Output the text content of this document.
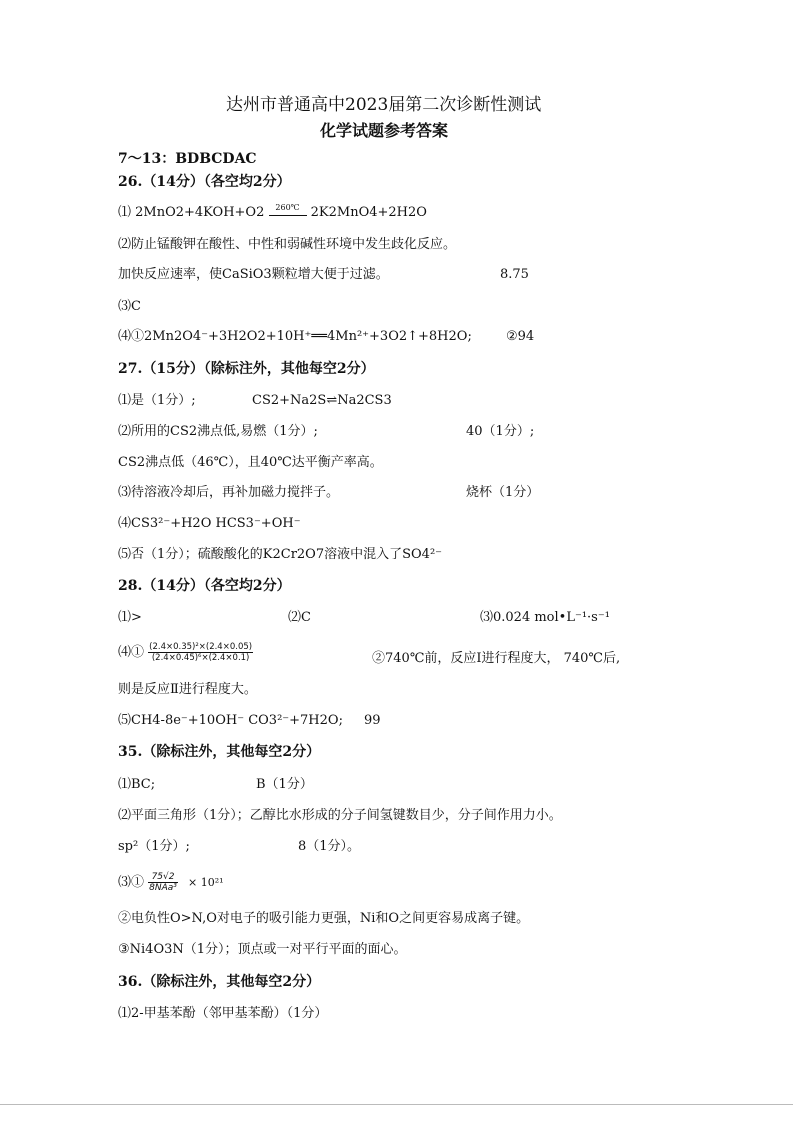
达州市普通高中2023届第二次诊断性测试
化学试题参考答案
7～13：BDBCDAC
26.（14分）（各空均2分）
⑴ 2MnO2+4KOH+O2	260℃ 2K2MnO4+2H2O
⑵防止锰酸钾在酸性、中性和弱碱性环境中发生歧化反应。
加快反应速率，使CaSiO3颗粒增大便于过滤。	8.75
⑶C
⑷①2Mn2O4⁻+3H2O2+10H⁺══4Mn²⁺+3O2↑+8H2O;	②94
27.（15分）（除标注外，其他每空2分）
⑴是（1分）;	CS2+Na2S⇌Na2CS3
⑵所用的CS2沸点低,易燃（1分）;	40（1分）;
CS2沸点低（46℃），且40℃达平衡产率高。
⑶待溶液冷却后，再补加磁力搅拌子。	烧杯（1分）
⑷CS3²⁻+H2O HCS3⁻+OH⁻
⑸否（1分）；硫酸酸化的K2Cr2O7溶液中混入了SO4²⁻
28.（14分）（各空均2分）
⑴>	⑵C	⑶0.024 mol•L⁻¹·s⁻¹
⑷① $\frac{\text{(2.4×0.35)²×(2.4×0.05)}}{\text{(2.4×0.45)⁶×(2.4×0.1)}}$	②740℃前，反应Ⅰ进行程度大， 740℃后,
则是反应Ⅱ进行程度大。
⑸CH4-8e⁻+10OH⁻ CO3²⁻+7H2O; 99
35.（除标注外，其他每空2分）
⑴BC;	B（1分）
⑵平面三角形（1分）；乙醇比水形成的分子间氢键数目少，分子间作用力小。
sp²（1分）;	8（1分）。
⑶① $\frac{75√2}{\text{8NAa³}} \times 10^{21}$
②电负性O>N,O对电子的吸引能力更强，Ni和O之间更容易成离子键。
③Ni4O3N（1分）；顶点或一对平行平面的面心。
36.（除标注外，其他每空2分）
⑴2-甲基苯酚（邻甲基苯酚）（1分）
